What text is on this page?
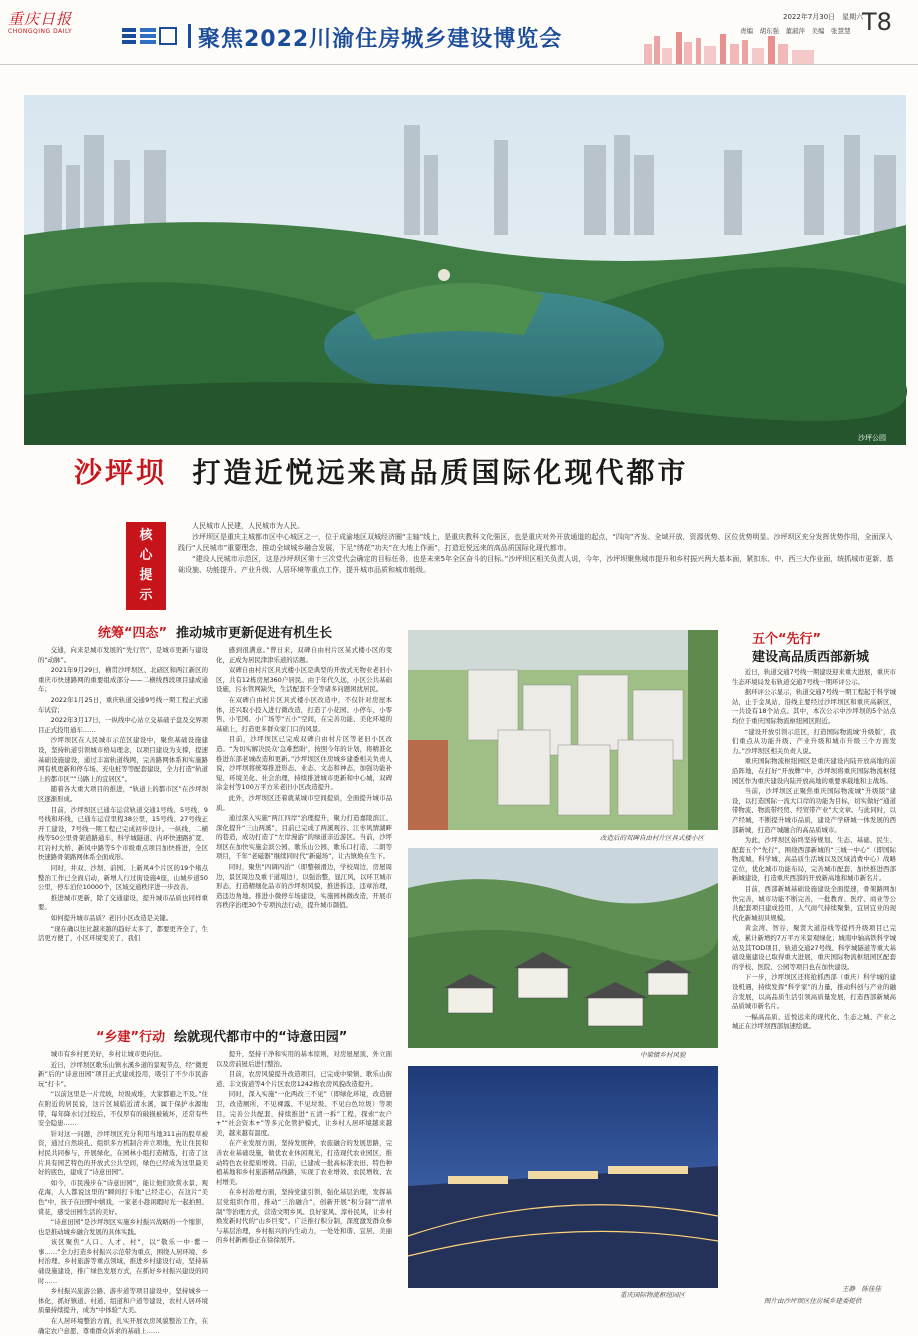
重庆日报
CHONGQING DAILY	聚焦2022川渝住房城乡建设博览会
2022年7月30日　星期六
责编　胡东强　董淑萍　美编　张慧慧 T8
沙坪公园
沙坪坝 打造近悦远来高品质国际化现代都市
核心提示

人民城市人民建，人民城市为人民。

沙坪坝区是重庆主城都市区中心城区之一，位于成渝地区双城经济圈“主轴”线上，是重庆教科文化强区，也是重庆对外开放通道的起点，“四向”齐发、全域开放，资源优势、区位优势明显。沙坪坝区充分发挥优势作用，全面深入践行“人民城市”重要理念，推动全域城乡融合发展，下足“绣花”功夫“在大地上作画”，打造近悦远来的高品质国际化现代都市。

“建设人民城市示范区，这是沙坪坝区第十三次党代会确定的目标任务，也是未来5年全区奋斗的目标。”沙坪坝区相关负责人说，今年，沙坪坝聚焦城市提升和乡村振兴两大基本面，紧扣东、中、西三大作业面，统抓城市更新、基础设施、功能提升、产业升级、人居环境等重点工作，提升城市品质和城市能级。

统筹“四态” 推动城市更新促进有机生长

交通，向来是城市发展的“先行官”，是城市更新与建设的“动脉”。

2021年9月29日，横贯沙坪坝区、北碚区和两江新区的重庆市快速路网的重要组成部分——二横线西段项目建成通车；

2022年1月25日，重庆轨道交通9号线一期工程正式通车试营；

2022年3月17日，一纵线中心站立交基础子盘及交界项目正式投用通车……

沙坪坝区在人民城市示范区建设中，聚焦基础设施建设，坚持轨道引领城市格局理念，以项目建设为支撑，提速基础设施建设，通过丰富轨道线网，完善路网体系和实施路网有机更新和停车场、充电桩等等配套建设，全力打造“轨道上的都市区”“马路上的宜居区”。

随着各大重大项目的推进，“轨道上的都市区”在沙坪坝区逐渐形成。

目前，沙坪坝区已通车运营轨道交通1号线、5号线、9号线和环线，已通车运营里程38公里，15号线、27号线正开工建设，7号线一期工程已完成初步设计。一纵线、二横线等50公里骨架道路通车，科学城隧道、内环快速路扩宽、红岩村大桥、新风中路等5个市级重点项目加快推进，全区快速路骨架路网体系全面成形。

同时，井双、沙坝、前园、上新风4个片区的19个堵点整治工作已全面启动，新增人行过街设施4座，山城步道50公里，停车泊位10000个，区域交通秩序进一步改善。

推进城市更新，除了交通建设，提升城市品质也同样重要。

如何提升城市品质？老旧小区改造是关键。

“现在确以往比越来越的趋好太多了，都要更齐全了，生活更方便了，小区环境变美了，我们

感到很满意。”曾日来，双碑自由村片区某式楼小区的变化，正成为居民津津乐道的话题。

双碑自由村片区具式楼小区是典型的开放式无物业老旧小区，共有12栋房屋360户居民。由于年代久远，小区公共基础设施，污水管网缺失，生活配套不全等诸多问题困扰居民。

在双碑自由村片区具式楼小区改造中，不仅针对房屋本体，还兴取小投入进行微改造，打造了小花园、小停车、小零售、小宅园、小广场等“五小”空间，在完善功能、美化环境的基础上，打造更多群众家门口的风景。

目前，沙坪坝区已完成双碑自由村片区等老旧小区改造。“为切实解决民众‘急难愁盼’，按照今年的计划，将精准化推进东部老城改造和更新。”沙坪坝区住房城乡建委相关负责人说，沙坪坝将统筹推进形态、业态、文态和神态，加强功能补短、环境美化、社会治理，持续推进城市更新和中心城，双碑涂金村等100万平方米老旧小区改造提升。

此外，沙坪坝区还着就某城市空间提质，全面提升城市品质。

通过深入实施“两江四岸”治理提升，聚力打造嘉陵滨江、深化提升“三山两溪”，目前已完成了两溪观谷、江枣风情湖畔的巷造，成功打造了“左岸漫游”的绿道亲近游区。当前，沙坪坝区在加快实施金滨公园、歌乐山公园、歌乐口打造、二朗等项目，千年“老磁器”继续同时代“新磁场”，让古镇焕在生下。

同时，聚焦“四调四治”（即整顿滑边，学校周边，房屋周边，景区周边及重干道周边），以强治整，显江风，以环卫城市形态，打造精细化品市的沙坪坝风貌，推进拆违，违章治理，造违边角地。推进小微停车场建设，实施园林微改造，开展市容秩序治理30个专项执法行动，提升城市颜值。

“乡建”行动 绘就现代都市中的“诗意田园”

城市有乡村更美好，乡村让城市更向往。

近日，沙坪坝区歌乐山镇水溪乡道的景观节点，经“微更新”后的“诗意田园”项目正式建成投用，吸引了不少市民游玩“打卡”。

“以前这里是一片荒坡，垃圾成堆，大家都避之不及。”住在附近的居民说，这片区域临近清水溪，属于保护水源地带，每年降水讨过较后，不仅厚有的破损被破坏，还常有些安全隐患……

针对这一问题，沙坪坝区充分利用当地311亩的股草被资，通过自然块孔、组织多方机制合并立项地，先让住民和村民共同参与，开展绿化，在园林小组打造精选，打造了这片具有园艺特色的开放式公共空间，绿色已经成为这里最美好的底色，建成了“诗意田园”。

如今，市民漫步在“诗意田园”，能让他们欣赏水景、观花海，人人都说这里的“瞬间打卡地”已经走心，在这片“美色”中，孩子在田野中嬉戏，一家老小趁闲暇时光一起拍照、赏花，感受田园生活的美好。

“诗意田园”是沙坪坝区实施乡村振兴战略的一个缩影，也是推动城乡融合发展的具体实践。

该区聚焦“人口、人才、村”，以“敬乐一中·紫一事……”全力打造乡村振兴示范带为重点，围绕人居环境、乡村治理、乡村旅游等重点领域，推进乡村建设行动，坚持基础设施建设，推广绿色发展方式，在抓好乡村振兴建设的同时……

乡村振兴旅游公路、游步道等项目建设中，坚持城乡一体化，抓好镇道、村道、组道和户道等建设，农村人居环境质量持续提升，成为“中体验”大美。

在人居环境整治方面，扎实开展农房风貌整治工作，在确定农户意愿、尊重群众诉求的基础上……

提升，坚持干净和实用的基本原则，对房屋屋顶、外立面以及房前屋后进行整治。

目前，农房风貌提升改造项目，已完成中梁镇、歌乐山街道、丰文街道等4个片区农房1242栋农房风貌改造提升。

同时，深入实施“一化两改三不见”（即绿化环境，改造厨卫，改造厕所，不见裸露、不见垃圾、不见白色垃圾）等项目，完善公共配套，持续推进“五清一拆”工程，探索“农户+”“社会资本+”等多元化管护模式，让乡村人居环境越来越美，越来越有温度。

在产业发展方面，坚持发展种，农旅融合的发展思路，完善农业基础设施，做优农业休闲观光，打造现代农业园区，推动特色农业提质增效。目前，已建成一批高标准农田、特色种植基地和乡村旅游精品线路，实现了农业增效、农民增收、农村增美。

在乡村治理方面，坚持党建引领，强化基层治理，发挥基层党组织作用，推动“三治融合”，创新开展“积分制”“清单制”等治理方式，营造文明乡风、良好家风、淳朴民风，让乡村焕发新时代的“山乡巨变”。广泛推行积分制，深度激发群众参与基层治理，乡村振兴的内生动力，一处处和谐、宜居、美丽的乡村新画卷正在徐徐展开。

改造后的双碑自由村片区具式楼小区
中梁镇乡村风貌
重庆国际物流枢纽园区
五个“先行”
建设高品质西部新城

近日，轨道交通7号线一期建设迎来重大进展，重庆市生态环境局发布轨道交通7号线一期环评公示。

据环评公示显示，轨道交通7号线一期工程起于科学城站，止于金凤站，沿线主要经过沙坪坝区和重庆高新区，一共设有18个站点。其中，本次公示中沙坪坝的5个站点均位于重庆国际物流枢纽园区附近。

“建设开放引领示范区，打造国际物流城‘升级版’，我们重点从功能升级、产业升级和城市升级三个方面发力。”沙坪坝区相关负责人说。

重庆国际物流枢纽园区是重庆建设内陆开放高地的前沿阵地，在打好“开放牌”中，沙坪坝将重庆国际物流枢纽园区作为重庆建设内陆开放高地的重要承载地和主战场。

当前，沙坪坝区正聚焦重庆国际物流城“升级版”建设，以打造国际一流大口岸的功能为目标，切实做好“通道带物流、物流带经贸、经贸带产业”大文章。与此同时，以产经城，不断提升城市品质，建设产学研城一体发展的西部新城，打造产城融合的高品质城市。

为此，沙坪坝区始终坚持规划、生态、基础、民生、配套五个“先行”，围绕西部新城的“三城一中心”（即国际物流城、科学城、高品质生活城以及区域消费中心）战略定位，优化城市功能布局，完善城市配套，加快推进西部新城建设，打造重庆西部的开放新高地和城市新名片。

目前，西部新城基础设施建设全面提速，骨架路网加快完善，城市功能不断完善，一批教育、医疗、商业等公共配套项目建成投用，人气商气持续聚集，宜居宜业的现代化新城初具规模。

黄金湾、智谷、聚贤大道沿线等提档升级项目已完成，累计新增约7万平方米景观绿化；城南中轴高铁科学城站及其TOD项目、轨道交通27号线、科学城隧道等重大基础设施建设已取得重大进展，重庆国际物流枢纽园区配套的学校、医院、公园等项目也在加快建设。

下一步，沙坪坝区还将抢抓西部（重庆）科学城的建设机遇，持续发挥“科学家”的力量，推动科创与产业的融合发展，以高品质生活引领高质量发展，打造西部新城高品质城市新名片。

一幅高品质、近悦远来的现代化、生态之城、产业之城正在沙坪坝西部加速绘就。

王静　陈佳佳
图片由沙坪坝区住房城乡建委提供
